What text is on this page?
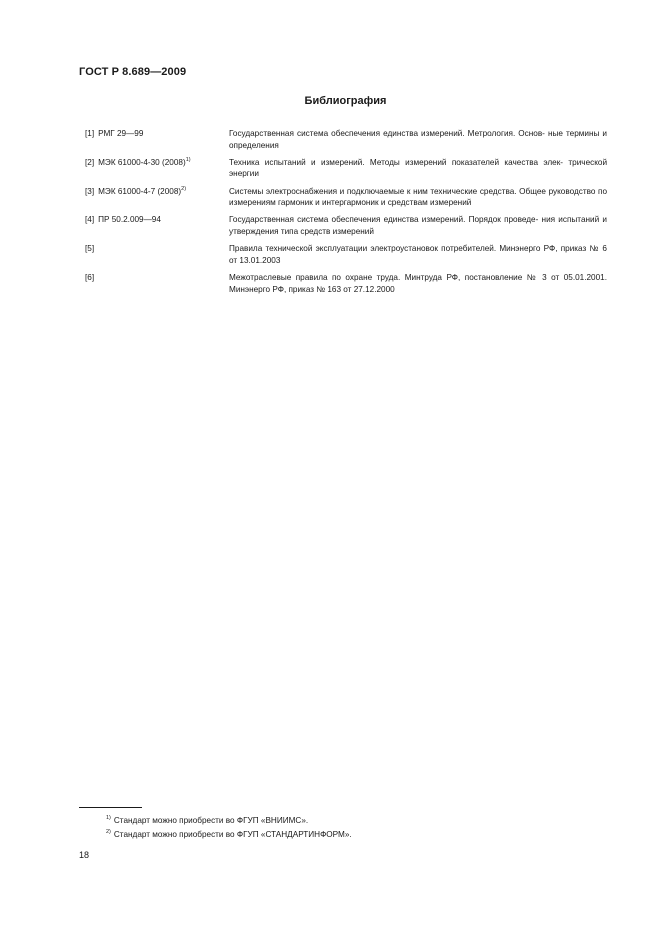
ГОСТ Р 8.689—2009
Библиография
[1] РМГ 29—99	Государственная система обеспечения единства измерений. Метрология. Основ- ные термины и определения
[2] МЭК 61000-4-30 $(2008)^{1)}$	Техника испытаний и измерений. Методы измерений показателей качества элек- трической энергии
[3] МЭК 61000-4-7 $(2008)^{2)}$	Системы электроснабжения и подключаемые к ним технические средства. Общее руководство по измерениям гармоник и интергармоник и средствам измерений
[4] ПР 50.2.009—94	Государственная система обеспечения единства измерений. Порядок проведе- ния испытаний и утверждения типа средств измерений
[5]	Правила технической эксплуатации электроустановок потребителей. Минэнерго РФ, приказ № 6 от 13.01.2003
[6]	Межотраслевые правила по охране труда. Минтруда РФ, постановление № 3 от 05.01.2001. Минэнерго РФ, приказ № 163 от 27.12.2000
$^{1)}$ Стандарт можно приобрести во ФГУП «ВНИИМС».
$^{2)}$ Стандарт можно приобрести во ФГУП «СТАНДАРТИНФОРМ».
18
